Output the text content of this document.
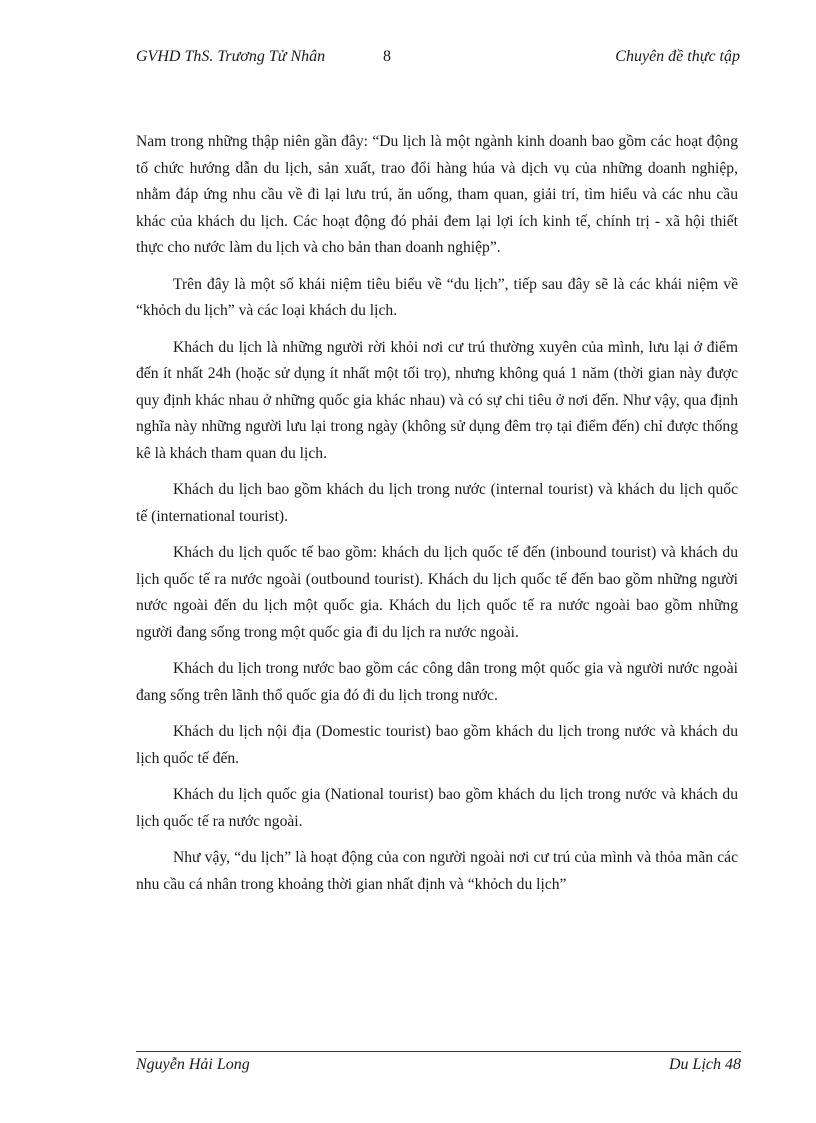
GVHD ThS. Trương Tử Nhân	8	Chuyên đề thực tập

Nam trong những thập niên gần đây: “Du lịch là một ngành kinh doanh bao gồm các hoạt động tổ chức hướng dẫn du lịch, sản xuất, trao đổi hàng húa và dịch vụ của những doanh nghiệp, nhằm đáp ứng nhu cầu về đi lại lưu trú, ăn uống, tham quan, giải trí, tìm hiểu và các nhu cầu khác của khách du lịch. Các hoạt động đó phải đem lại lợi ích kinh tế, chính trị - xã hội thiết thực cho nước làm du lịch và cho bản than doanh nghiệp”.

Trên đây là một số khái niệm tiêu biểu về “du lịch”, tiếp sau đây sẽ là các khái niệm về “khỏch du lịch” và các loại khách du lịch.

Khách du lịch là những người rời khỏi nơi cư trú thường xuyên của mình, lưu lại ở điểm đến ít nhất 24h (hoặc sử dụng ít nhất một tối trọ), nhưng không quá 1 năm (thời gian này được quy định khác nhau ở những quốc gia khác nhau) và có sự chi tiêu ở nơi đến. Như vậy, qua định nghĩa này những người lưu lại trong ngày (không sử dụng đêm trọ tại điểm đến) chỉ được thống kê là khách tham quan du lịch.

Khách du lịch bao gồm khách du lịch trong nước (internal tourist) và khách du lịch quốc tế (international tourist).

Khách du lịch quốc tế bao gồm: khách du lịch quốc tế đến (inbound tourist) và khách du lịch quốc tế ra nước ngoài (outbound tourist). Khách du lịch quốc tế đến bao gồm những người nước ngoài đến du lịch một quốc gia. Khách du lịch quốc tế ra nước ngoài bao gồm những người đang sống trong một quốc gia đi du lịch ra nước ngoài.

Khách du lịch trong nước bao gồm các công dân trong một quốc gia và người nước ngoài đang sống trên lãnh thổ quốc gia đó đi du lịch trong nước.

Khách du lịch nội địa (Domestic tourist) bao gồm khách du lịch trong nước và khách du lịch quốc tế đến.

Khách du lịch quốc gia (National tourist) bao gồm khách du lịch trong nước và khách du lịch quốc tế ra nước ngoài.

Như vậy, “du lịch” là hoạt động của con người ngoài nơi cư trú của mình và thỏa mãn các nhu cầu cá nhân trong khoảng thời gian nhất định và “khỏch du lịch”

Nguyễn Hải Long	Du Lịch 48
